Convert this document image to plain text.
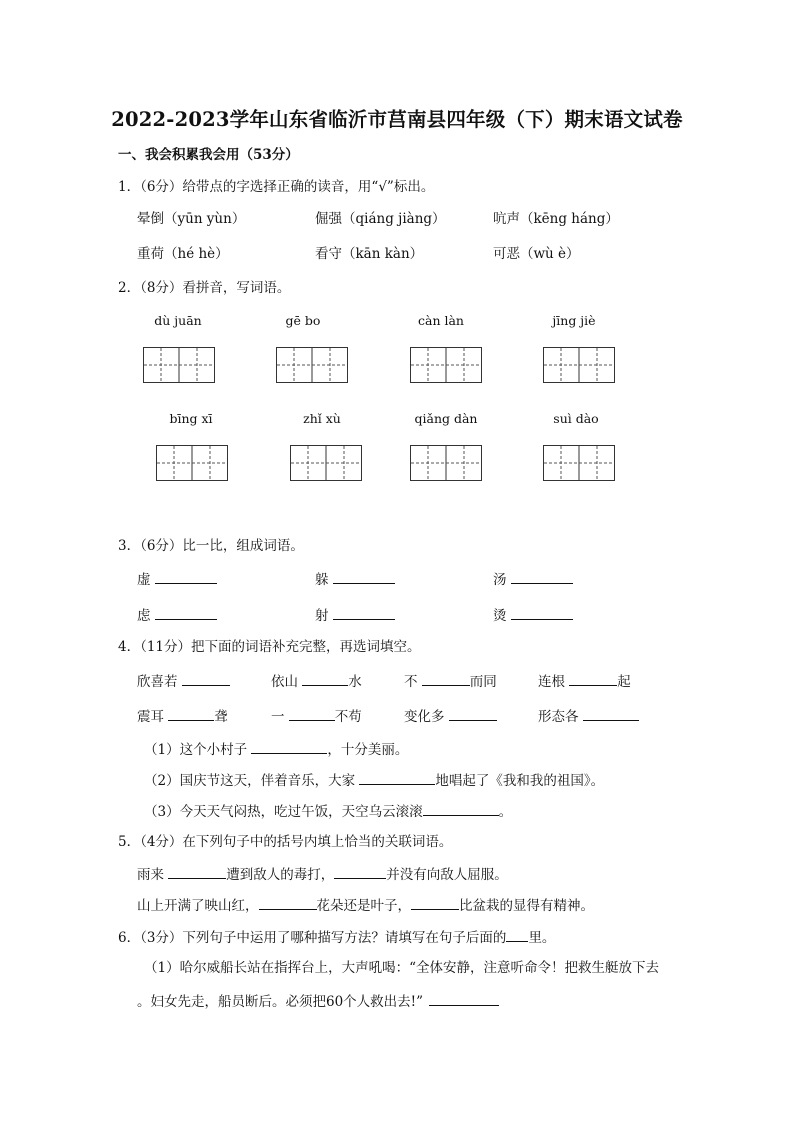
2022-2023学年山东省临沂市莒南县四年级（下）期末语文试卷
一、我会积累我会用（53分）
1．（6分）给带点的字选择正确的读音，用“√”标出。
晕倒（yūn yùn）	倔强（qiáng jiàng）	吭声（kēng háng）
重荷（hé hè）	看守（kān kàn）	可恶（wù è）
2．（8分）看拼音，写词语。
dù juān	gē bo	càn làn	jīng jiè
bīng xī	zhǐ xù	qiǎng dàn	suì dào
3．（6分）比一比，组成词语。
虚	躲	汤
虑	射	烫
4．（11分）把下面的词语补充完整，再选词填空。
欣喜若	依山	水	不	而同	连根	起
震耳	聋	一	不苟	变化多	形态各
（1）这个小村子	，十分美丽。
（2）国庆节这天，伴着音乐，大家	地唱起了《我和我的祖国》。
（3）今天天气闷热，吃过午饭，天空乌云滚滚	。
5．（4分）在下列句子中的括号内填上恰当的关联词语。
雨来	遭到敌人的毒打，	并没有向敌人屈服。
山上开满了映山红，	花朵还是叶子，	比盆栽的显得有精神。
6．（3分）下列句子中运用了哪种描写方法？请填写在句子后面的 里。
（1）哈尔威船长站在指挥台上，大声吼喝：“全体安静，注意听命令！把救生艇放下去
。妇女先走，船员断后。必须把60个人救出去!”
